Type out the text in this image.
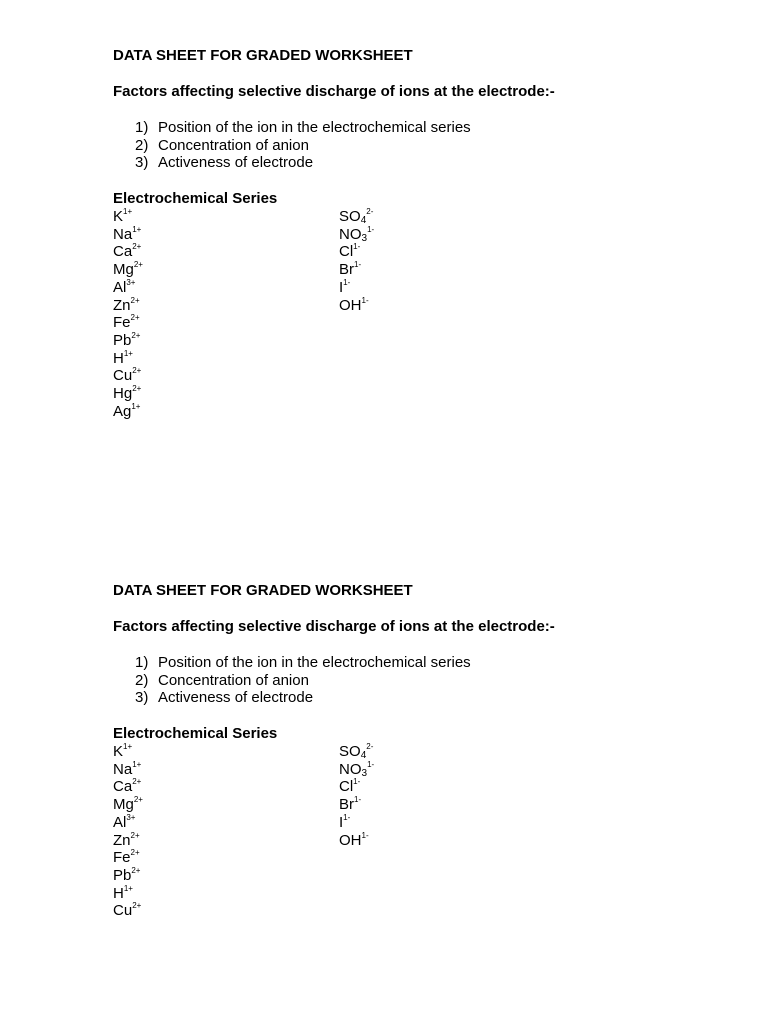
DATA SHEET FOR GRADED WORKSHEET

Factors affecting selective discharge of ions at the electrode:-

1) Position of the ion in the electrochemical series
2) Concentration of anion
3) Activeness of electrode

Electrochemical Series

$K^{1+}$
$Na^{1+}$
$Ca^{2+}$
$Mg^{2+}$
$Al^{3+}$
$Zn^{2+}$
$Fe^{2+}$
$Pb^{2+}$
$H^{1+}$
$Cu^{2+}$
$Hg^{2+}$
$Ag^{1+}$
$SO_4^{2-}$
$NO_3^{1-}$
$Cl^{1-}$
$Br^{1-}$
$I^{1-}$
$OH^{1-}$

DATA SHEET FOR GRADED WORKSHEET

Factors affecting selective discharge of ions at the electrode:-

1) Position of the ion in the electrochemical series
2) Concentration of anion
3) Activeness of electrode

Electrochemical Series

$K^{1+}$
$Na^{1+}$
$Ca^{2+}$
$Mg^{2+}$
$Al^{3+}$
$Zn^{2+}$
$Fe^{2+}$
$Pb^{2+}$
$H^{1+}$
$Cu^{2+}$
$SO_4^{2-}$
$NO_3^{1-}$
$Cl^{1-}$
$Br^{1-}$
$I^{1-}$
$OH^{1-}$
